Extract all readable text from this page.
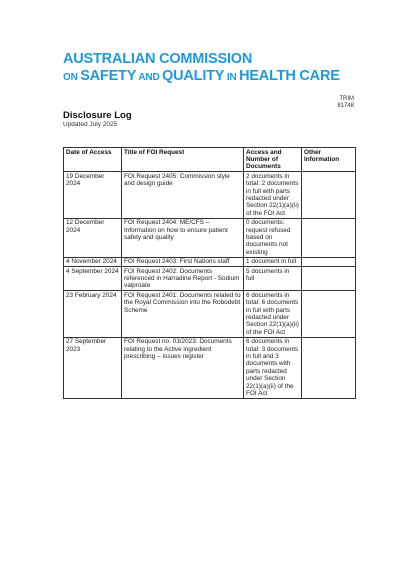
AUSTRALIAN COMMISSION
ON SAFETY AND QUALITY IN HEALTH CARE
TRIM
81748
Disclosure Log
Updated July 2025
Date of Access	Title of FOI Request	Access and Number of Documents	Other Information
19 December 2024	FOI Request 2405: Commission style and design guide	2 documents in total: 2 documents in full with parts redacted under Section 22(1)(a)(ii) of the FOI Act	
12 December 2024	FOI Request 2404: ME/CFS – Information on how to ensure patient safety and quality	0 documents: request refused based on documents not existing	
4 November 2024	FOI Request 2403: First Nations staff	1 document in full	
4 September 2024	FOI Request 2402: Documents referenced in Harradine Report - Sodium valproate	5 documents in full	
23 February 2024	FOI Request 2401: Documents related to the Royal Commission into the Robodebt Scheme	6 documents in total: 6 documents in full with parts redacted under Section 22(1)(a)(ii) of the FOI Act	
27 September 2023	FOI Request no. 03/2023: Documents relating to the Active ingredient prescribing – Issues register	6 documents in total: 3 documents in full and 3 documents with parts redacted under Section 22(1)(a)(ii) of the FOI Act	
